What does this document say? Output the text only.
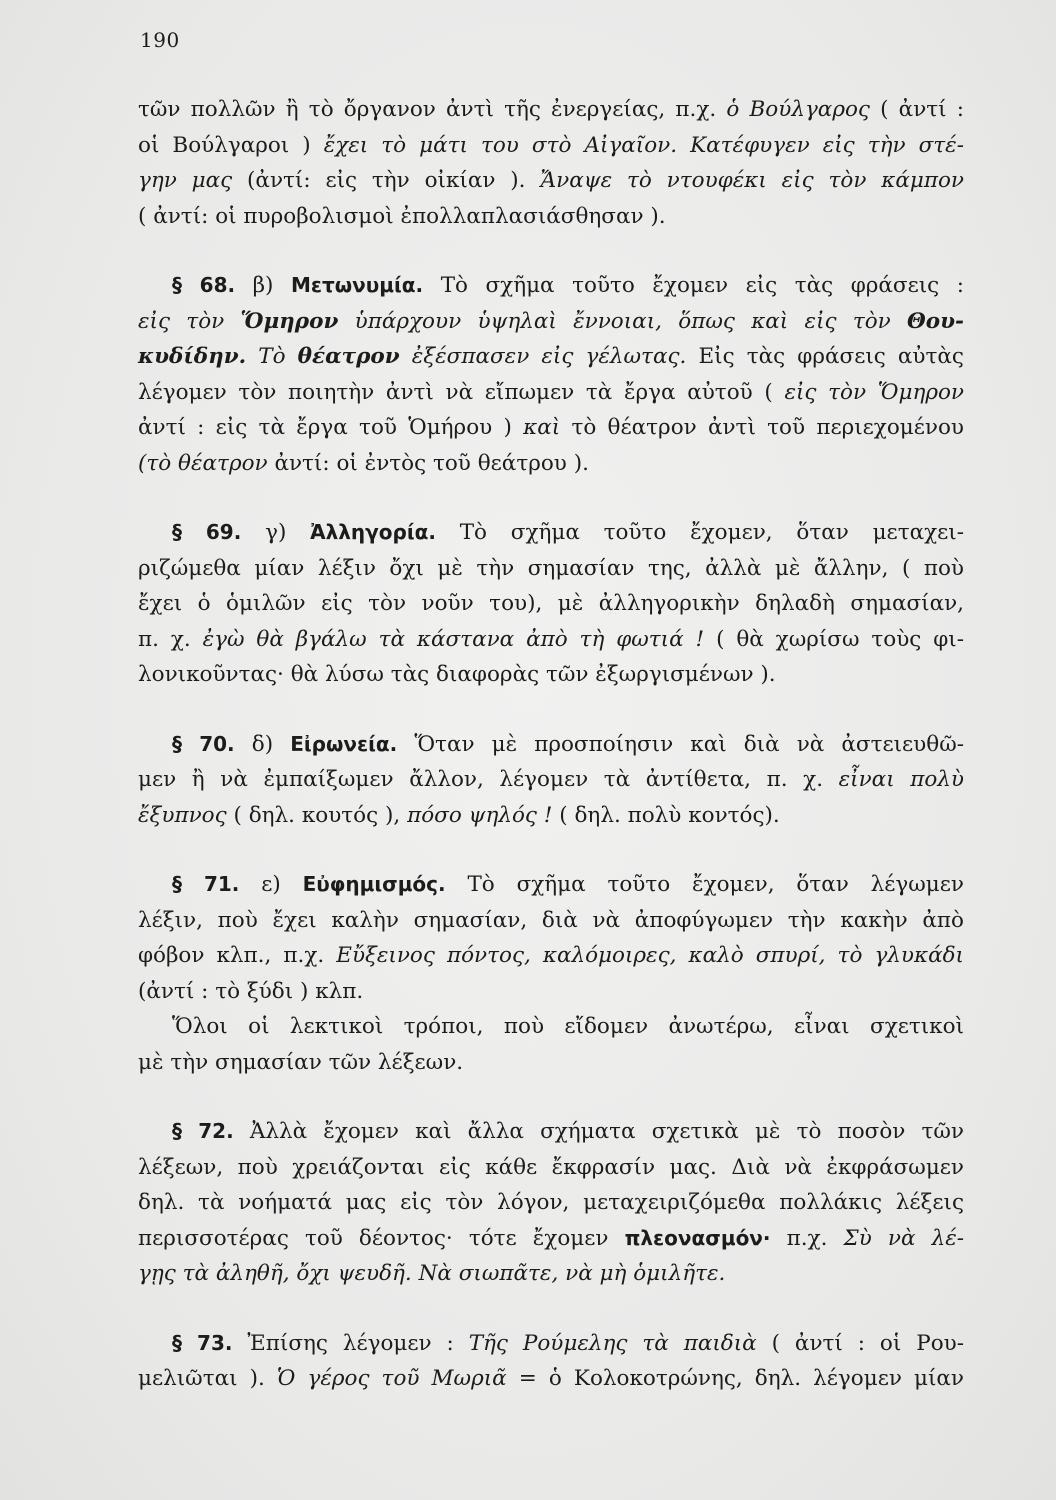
190
τῶν πολλῶν ἢ τὸ ὄργανον ἀντὶ τῆς ἐνεργείας, π.χ. ὁ Βούλγαρος ( ἀντί :
οἱ Βούλγαροι ) ἔχει τὸ μάτι του στὸ Αἰγαῖον. Κατέφυγεν εἰς τὴν στέ-
γην μας (ἀντί: εἰς τὴν οἰκίαν ). Ἄναψε τὸ ντουφέκι εἰς τὸν κάμπον
( ἀντί: οἱ πυροβολισμοὶ ἐπολλαπλασιάσθησαν ).
§ 68. β) Μετωνυμία. Τὸ σχῆμα τοῦτο ἔχομεν εἰς τὰς φράσεις :
εἰς τὸν Ὅμηρον ὑπάρχουν ὑψηλαὶ ἔννοιαι, ὅπως καὶ εἰς τὸν Θου-
κυδίδην. Τὸ θέατρον ἐξέσπασεν εἰς γέλωτας. Εἰς τὰς φράσεις αὐτὰς
λέγομεν τὸν ποιητὴν ἀντὶ νὰ εἴπωμεν τὰ ἔργα αὐτοῦ ( εἰς τὸν Ὅμηρον
ἀντί : εἰς τὰ ἔργα τοῦ Ὁμήρου ) καὶ τὸ θέατρον ἀντὶ τοῦ περιεχομένου
(τὸ θέατρον ἀντί: οἱ ἐντὸς τοῦ θεάτρου ).
§ 69. γ) Ἀλληγορία. Τὸ σχῆμα τοῦτο ἔχομεν, ὅταν μεταχει-
ριζώμεθα μίαν λέξιν ὄχι μὲ τὴν σημασίαν της, ἀλλὰ μὲ ἄλλην, ( ποὺ
ἔχει ὁ ὁμιλῶν εἰς τὸν νοῦν του), μὲ ἀλληγορικὴν δηλαδὴ σημασίαν,
π. χ. ἐγὼ θὰ βγάλω τὰ κάστανα ἀπὸ τὴ φωτιά ! ( θὰ χωρίσω τοὺς φι-
λονικοῦντας· θὰ λύσω τὰς διαφορὰς τῶν ἐξωργισμένων ).
§ 70. δ) Εἰρωνεία. Ὅταν μὲ προσποίησιν καὶ διὰ νὰ ἀστειευθῶ-
μεν ἢ νὰ ἐμπαίξωμεν ἄλλον, λέγομεν τὰ ἀντίθετα, π. χ. εἶναι πολὺ
ἔξυπνος ( δηλ. κουτός ), πόσο ψηλός ! ( δηλ. πολὺ κοντός).
§ 71. ε) Εὐφημισμός. Τὸ σχῆμα τοῦτο ἔχομεν, ὅταν λέγωμεν
λέξιν, ποὺ ἔχει καλὴν σημασίαν, διὰ νὰ ἀποφύγωμεν τὴν κακὴν ἀπὸ
φόβον κλπ., π.χ. Εὔξεινος πόντος, καλόμοιρες, καλὸ σπυρί, τὸ γλυκάδι
(ἀντί : τὸ ξύδι ) κλπ.
Ὅλοι οἱ λεκτικοὶ τρόποι, ποὺ εἴδομεν ἀνωτέρω, εἶναι σχετικοὶ
μὲ τὴν σημασίαν τῶν λέξεων.
§ 72. Ἀλλὰ ἔχομεν καὶ ἄλλα σχήματα σχετικὰ μὲ τὸ ποσὸν τῶν
λέξεων, ποὺ χρειάζονται εἰς κάθε ἔκφρασίν μας. Διὰ νὰ ἐκφράσωμεν
δηλ. τὰ νοήματά μας εἰς τὸν λόγον, μεταχειριζόμεθα πολλάκις λέξεις
περισσοτέρας τοῦ δέοντος· τότε ἔχομεν πλεονασμόν· π.χ. Σὺ νὰ λέ-
γῃς τὰ ἀληθῆ, ὄχι ψευδῆ. Νὰ σιωπᾶτε, νὰ μὴ ὁμιλῆτε.
§ 73. Ἐπίσης λέγομεν : Τῆς Ρούμελης τὰ παιδιὰ ( ἀντί : οἱ Ρου-
μελιῶται ). Ὁ γέρος τοῦ Μωριᾶ = ὁ Κολοκοτρώνης, δηλ. λέγομεν μίαν
